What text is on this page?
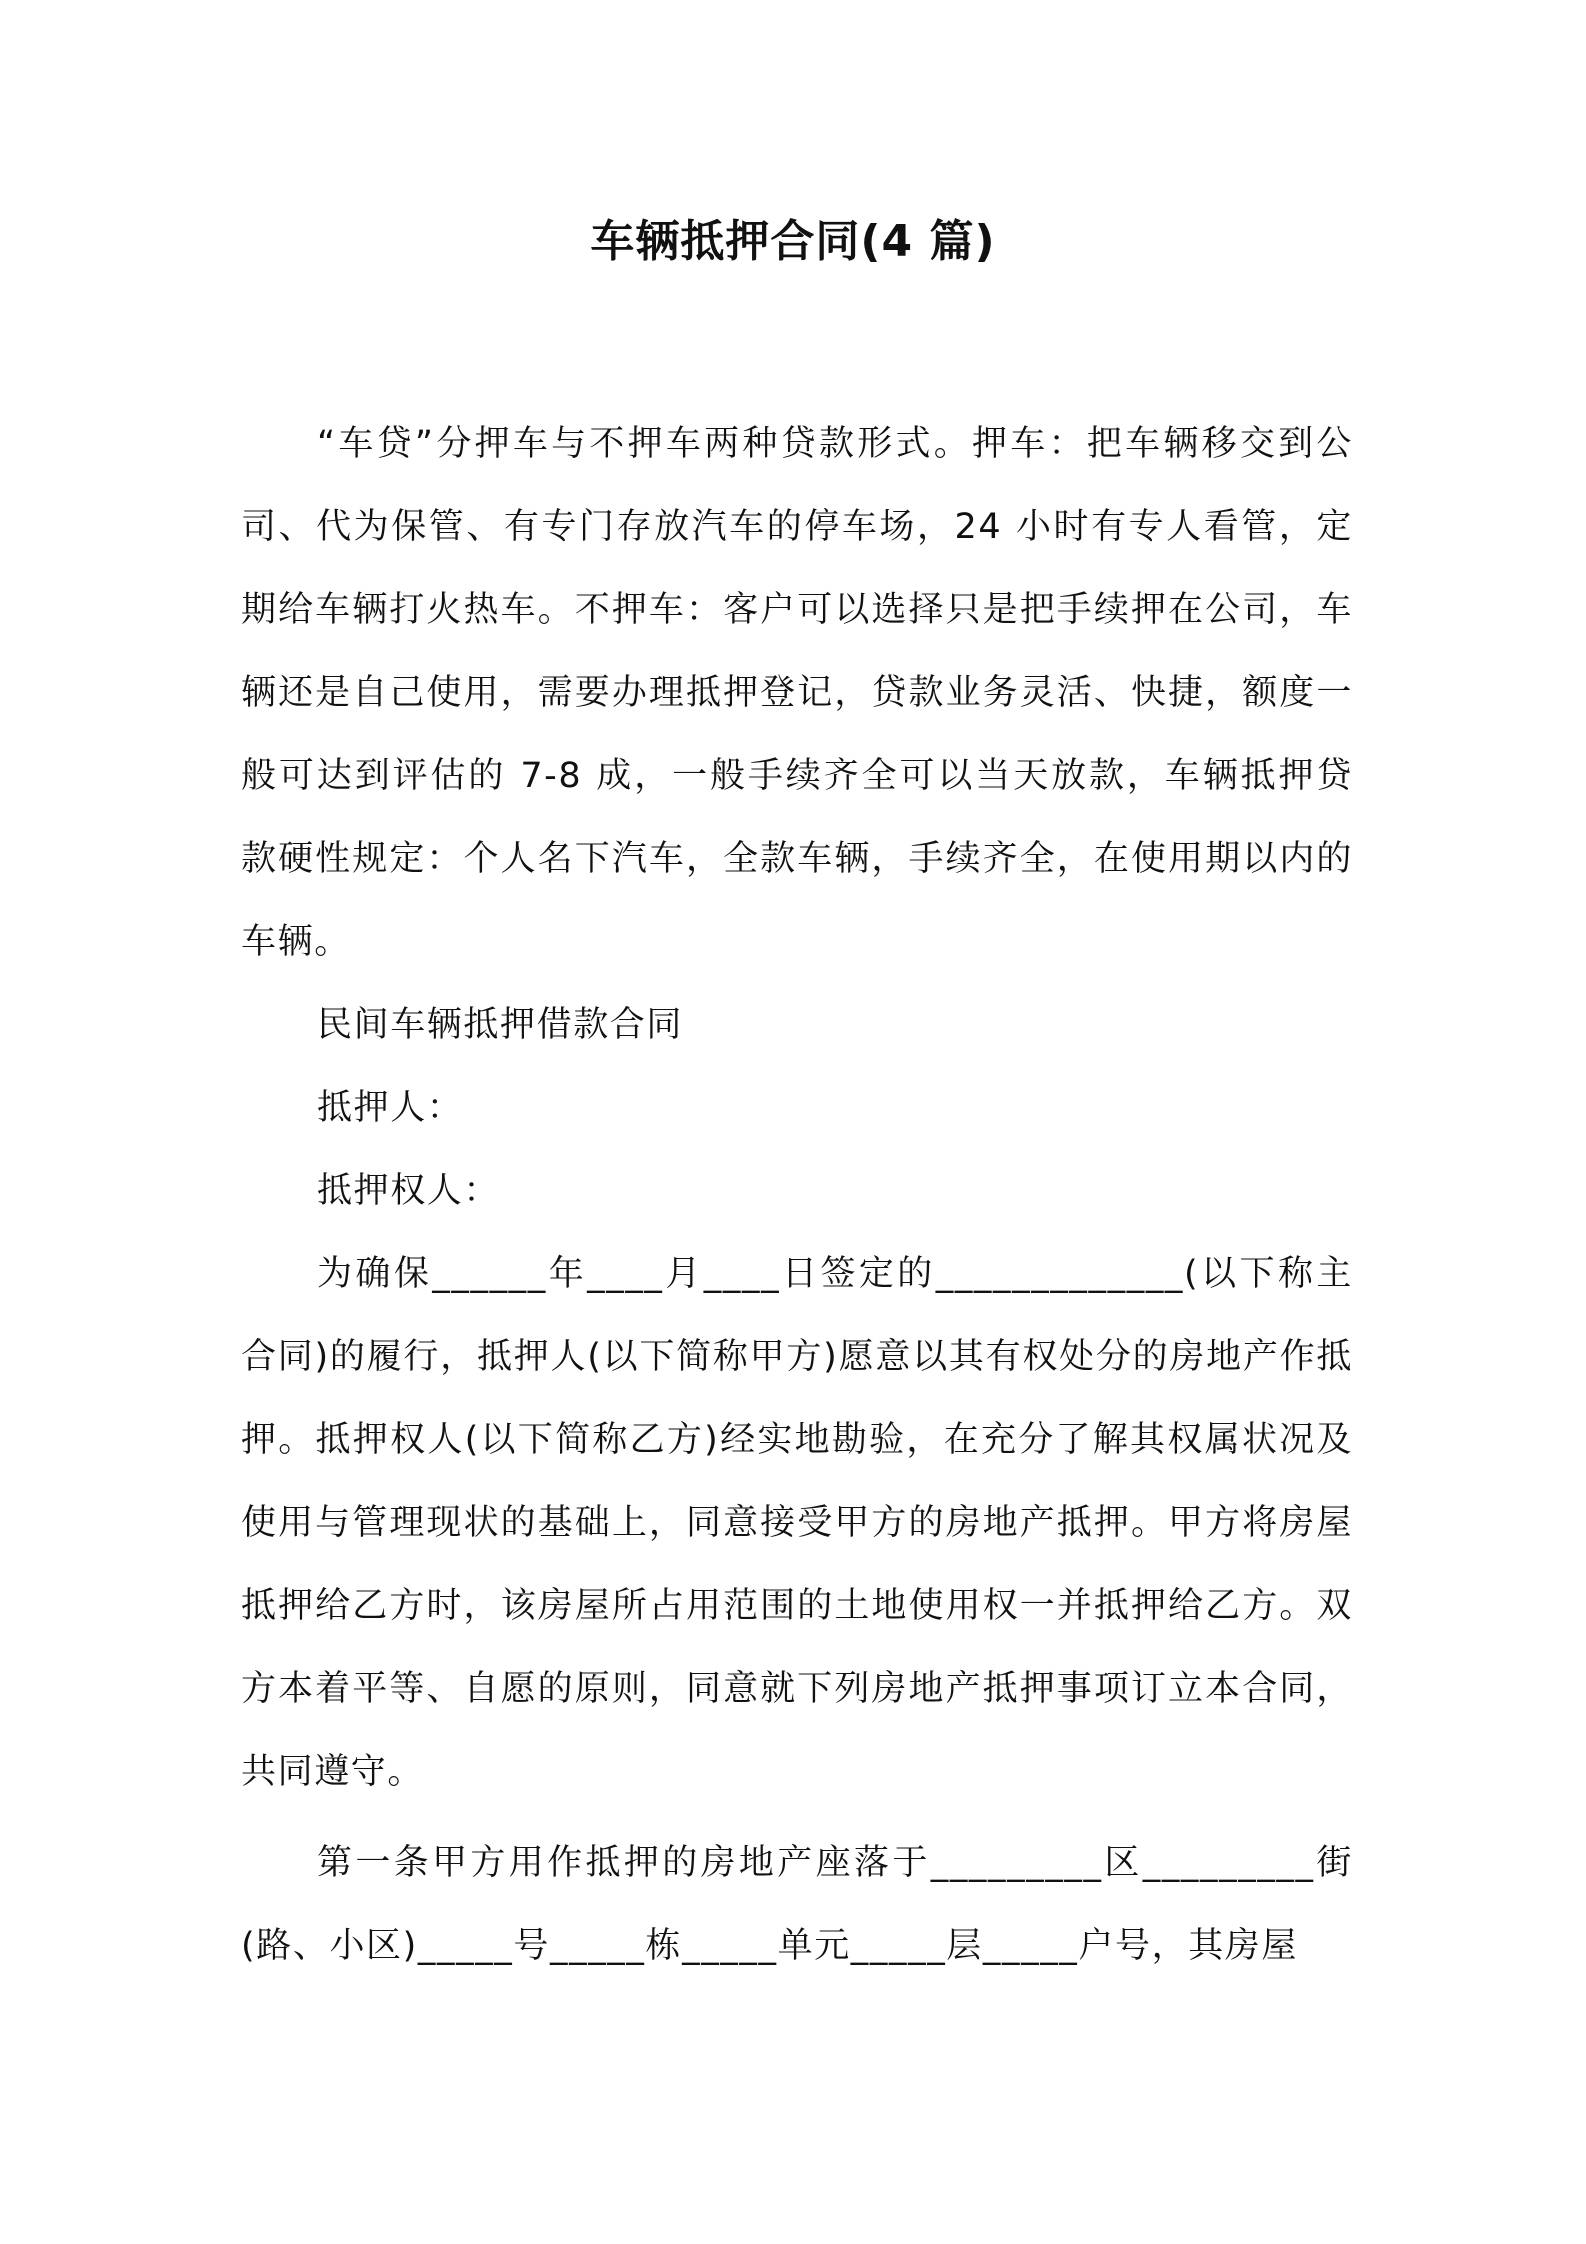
车辆抵押合同(4 篇)

“车贷”分押车与不押车两种贷款形式。押车：把车辆移交到公司、代为保管、有专门存放汽车的停车场，24 小时有专人看管，定期给车辆打火热车。不押车：客户可以选择只是把手续押在公司，车辆还是自己使用，需要办理抵押登记，贷款业务灵活、快捷，额度一般可达到评估的 7-8 成，一般手续齐全可以当天放款，车辆抵押贷款硬性规定：个人名下汽车，全款车辆，手续齐全，在使用期以内的车辆。

民间车辆抵押借款合同

抵押人：

抵押权人：

为确保______年____月____日签定的_____________(以下称主合同)的履行，抵押人(以下简称甲方)愿意以其有权处分的房地产作抵押。抵押权人(以下简称乙方)经实地勘验，在充分了解其权属状况及使用与管理现状的基础上，同意接受甲方的房地产抵押。甲方将房屋抵押给乙方时，该房屋所占用范围的土地使用权一并抵押给乙方。双方本着平等、自愿的原则，同意就下列房地产抵押事项订立本合同，共同遵守。

第一条甲方用作抵押的房地产座落于_________区_________街(路、小区)_____号_____栋_____单元_____层_____户号，其房屋
